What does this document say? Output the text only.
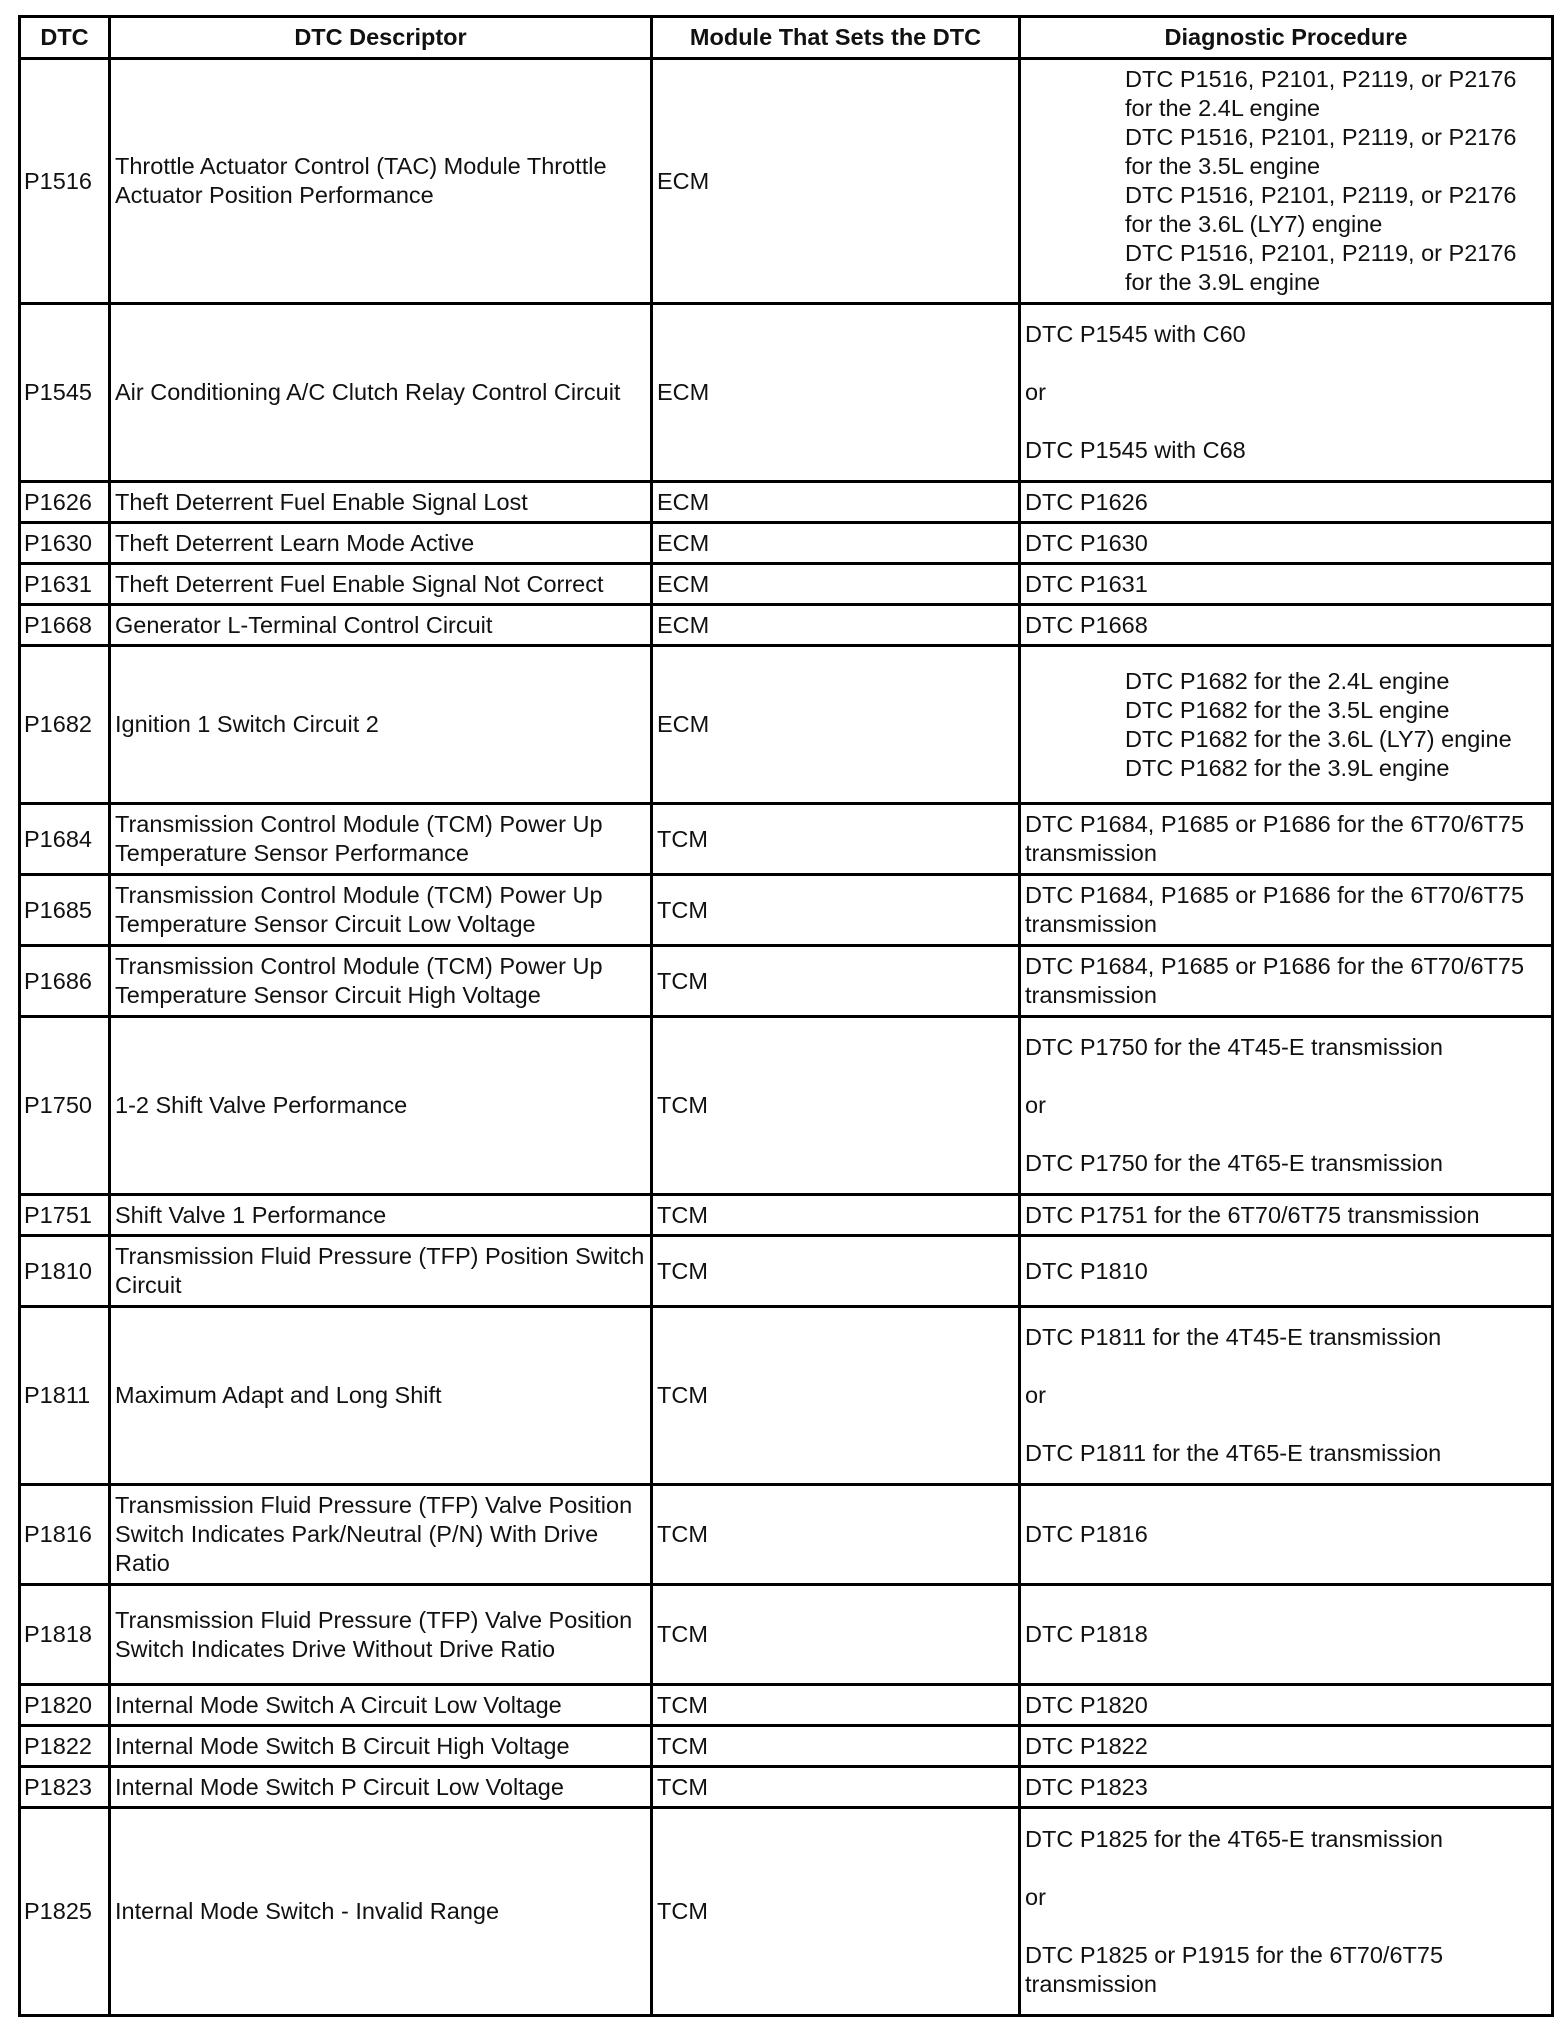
DTC	DTC Descriptor	Module That Sets the DTC	Diagnostic Procedure
P1516	Throttle Actuator Control (TAC) Module Throttle Actuator Position Performance	ECM	DTC P1516, P2101, P2119, or P2176 for the 2.4L engine
DTC P1516, P2101, P2119, or P2176 for the 3.5L engine
DTC P1516, P2101, P2119, or P2176 for the 3.6L (LY7) engine
DTC P1516, P2101, P2119, or P2176 for the 3.9L engine

P1545	Air Conditioning A/C Clutch Relay Control Circuit	ECM	DTC P1545 with C60
or
DTC P1545 with C68

P1626	Theft Deterrent Fuel Enable Signal Lost	ECM	DTC P1626

P1630	Theft Deterrent Learn Mode Active	ECM	DTC P1630

P1631	Theft Deterrent Fuel Enable Signal Not Correct	ECM	DTC P1631

P1668	Generator L-Terminal Control Circuit	ECM	DTC P1668

P1682	Ignition 1 Switch Circuit 2	ECM	DTC P1682 for the 2.4L engine
DTC P1682 for the 3.5L engine
DTC P1682 for the 3.6L (LY7) engine
DTC P1682 for the 3.9L engine

P1684	Transmission Control Module (TCM) Power Up Temperature Sensor Performance	TCM	DTC P1684, P1685 or P1686 for the 6T70/6T75 transmission

P1685	Transmission Control Module (TCM) Power Up Temperature Sensor Circuit Low Voltage	TCM	DTC P1684, P1685 or P1686 for the 6T70/6T75 transmission

P1686	Transmission Control Module (TCM) Power Up Temperature Sensor Circuit High Voltage	TCM	DTC P1684, P1685 or P1686 for the 6T70/6T75 transmission

P1750	1-2 Shift Valve Performance	TCM	DTC P1750 for the 4T45-E transmission
or
DTC P1750 for the 4T65-E transmission

P1751	Shift Valve 1 Performance	TCM	DTC P1751 for the 6T70/6T75 transmission

P1810	Transmission Fluid Pressure (TFP) Position Switch Circuit	TCM	DTC P1810

P1811	Maximum Adapt and Long Shift	TCM	DTC P1811 for the 4T45-E transmission
or
DTC P1811 for the 4T65-E transmission

P1816	Transmission Fluid Pressure (TFP) Valve Position Switch Indicates Park/Neutral (P/N) With Drive Ratio	TCM	DTC P1816

P1818	Transmission Fluid Pressure (TFP) Valve Position Switch Indicates Drive Without Drive Ratio	TCM	DTC P1818

P1820	Internal Mode Switch A Circuit Low Voltage	TCM	DTC P1820

P1822	Internal Mode Switch B Circuit High Voltage	TCM	DTC P1822

P1823	Internal Mode Switch P Circuit Low Voltage	TCM	DTC P1823

P1825	Internal Mode Switch - Invalid Range	TCM	DTC P1825 for the 4T65-E transmission
or
DTC P1825 or P1915 for the 6T70/6T75 transmission
